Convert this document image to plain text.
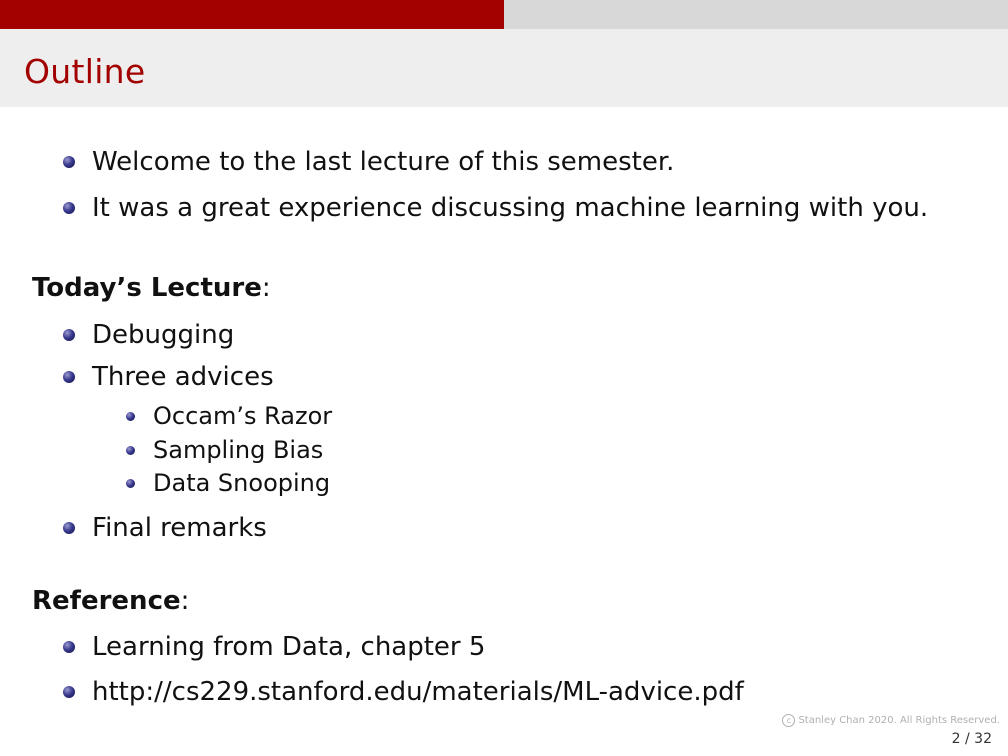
Outline
Welcome to the last lecture of this semester.
It was a great experience discussing machine learning with you.
Today’s Lecture:
Debugging
Three advices
Occam’s Razor
Sampling Bias
Data Snooping
Final remarks
Reference:
Learning from Data, chapter 5
http://cs229.stanford.edu/materials/ML-advice.pdf
c Stanley Chan 2020. All Rights Reserved.
2 / 32
